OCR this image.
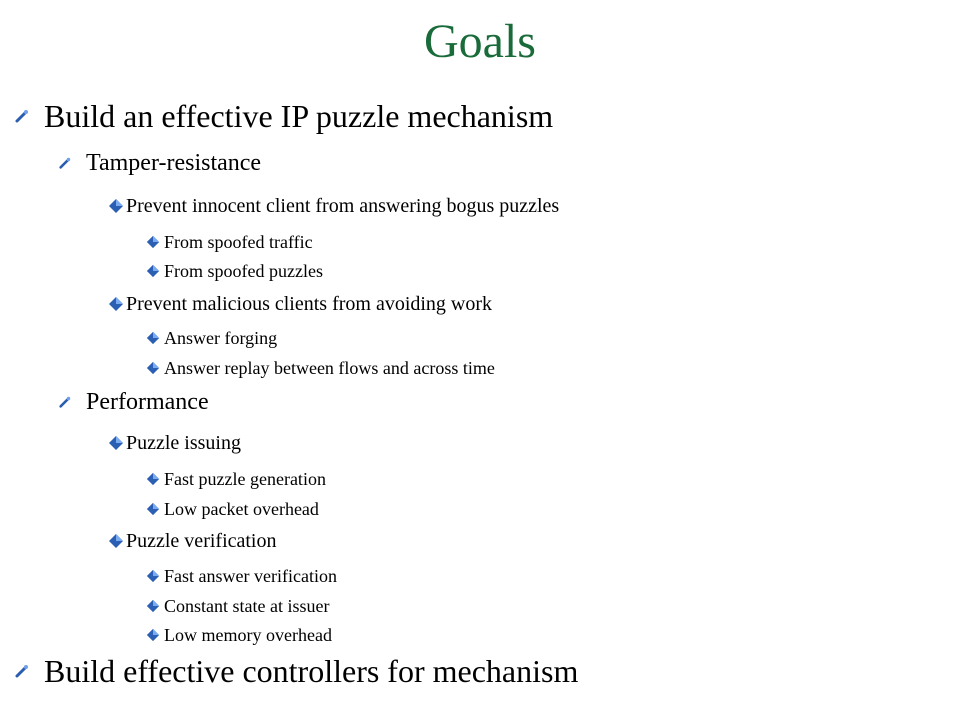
Goals
Build an effective IP puzzle mechanism
Tamper-resistance
Prevent innocent client from answering bogus puzzles
From spoofed traffic
From spoofed puzzles
Prevent malicious clients from avoiding work
Answer forging
Answer replay between flows and across time
Performance
Puzzle issuing
Fast puzzle generation
Low packet overhead
Puzzle verification
Fast answer verification
Constant state at issuer
Low memory overhead
Build effective controllers for mechanism
